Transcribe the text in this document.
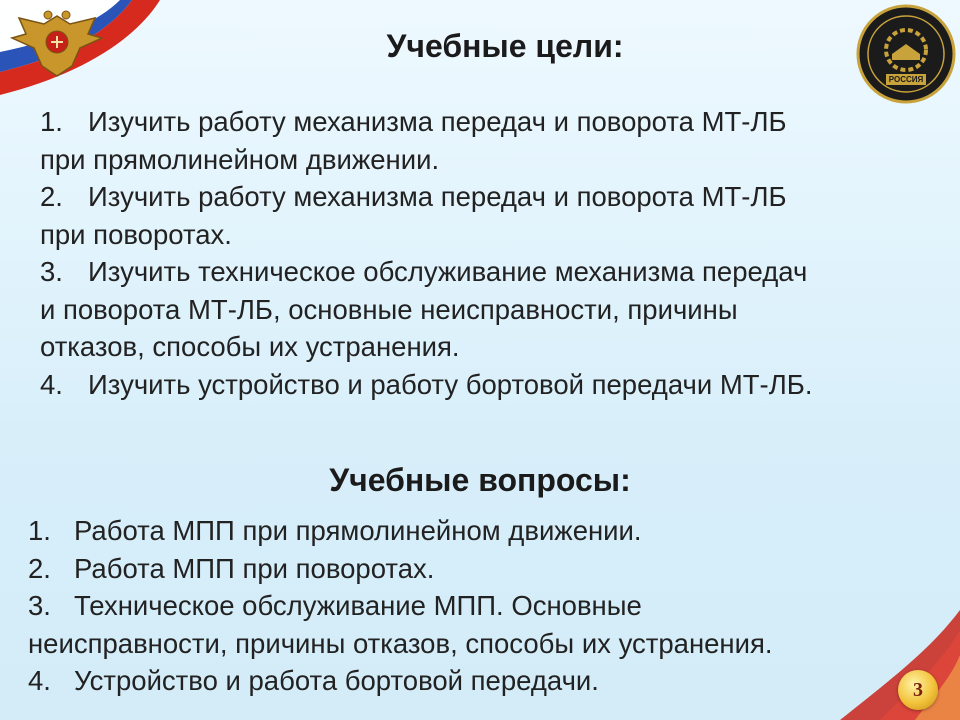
РОССИЯ
3
Учебные цели:

1. Изучить работу механизма передач и поворота МТ-ЛБ
при прямолинейном движении.

2. Изучить работу механизма передач и поворота МТ-ЛБ
при поворотах.

3. Изучить техническое обслуживание механизма передач
и поворота МТ-ЛБ, основные неисправности, причины
отказов, способы их устранения.

4. Изучить устройство и работу бортовой передачи МТ-ЛБ.

Учебные вопросы:

1. Работа МПП при прямолинейном движении.

2. Работа МПП при поворотах.

3. Техническое обслуживание МПП. Основные
неисправности, причины отказов, способы их устранения.

4. Устройство и работа бортовой передачи.
